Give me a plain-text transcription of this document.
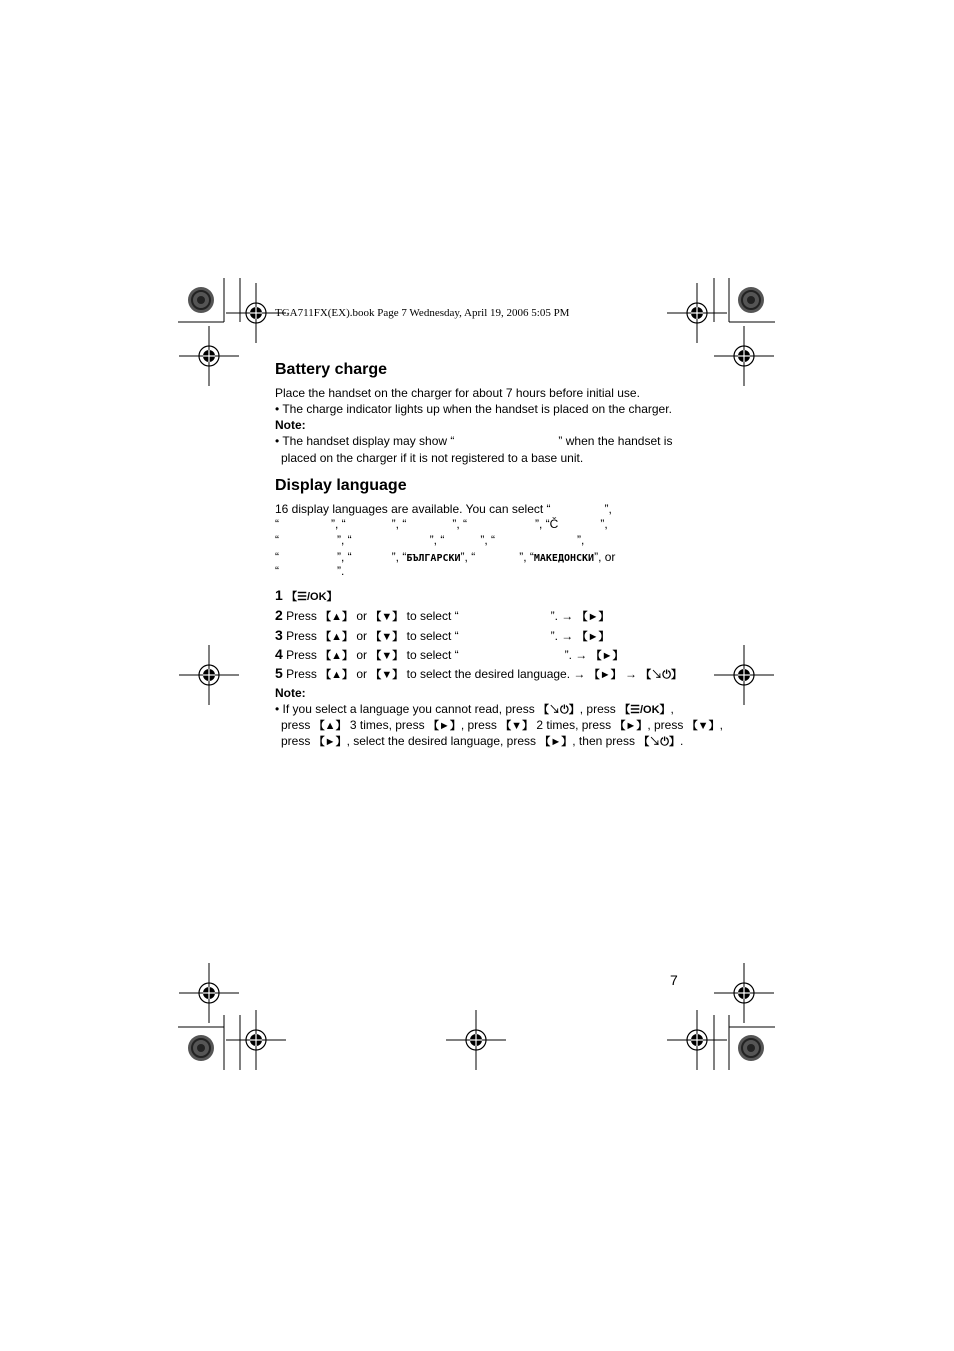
TGA711FX(EX).book Page 7 Wednesday, April 19, 2006 5:05 PM
Battery charge
Place the handset on the charger for about 7 hours before initial use.
• The charge indicator lights up when the handset is placed on the charger.
Note:
• The handset display may show “	” when the handset is
placed on the charger if it is not registered to a base unit.
Display language
16 display languages are available. You can select “	”,
“	”, “	”, “	”, “	”, “Č	”,
“	”, “	”, “	”, “	”,
“	”, “	”, “БЪЛГАРСКИ”, “	”, “МАКЕДОНСКИ”, or
“	”.
1 【☰/OK】
2 Press 【▲】 or 【▼】 to select “	”. → 【►】
3 Press 【▲】 or 【▼】 to select “	”. → 【►】
4 Press 【▲】 or 【▼】 to select “	”. → 【►】
5 Press 【▲】 or 【▼】 to select the desired language. → 【►】 → 【↘⏻】
Note:
• If you select a language you cannot read, press 【↘⏻】, press 【☰/OK】,
press 【▲】 3 times, press 【►】, press 【▼】 2 times, press 【►】, press 【▼】,
press 【►】, select the desired language, press 【►】, then press 【↘⏻】.
7
